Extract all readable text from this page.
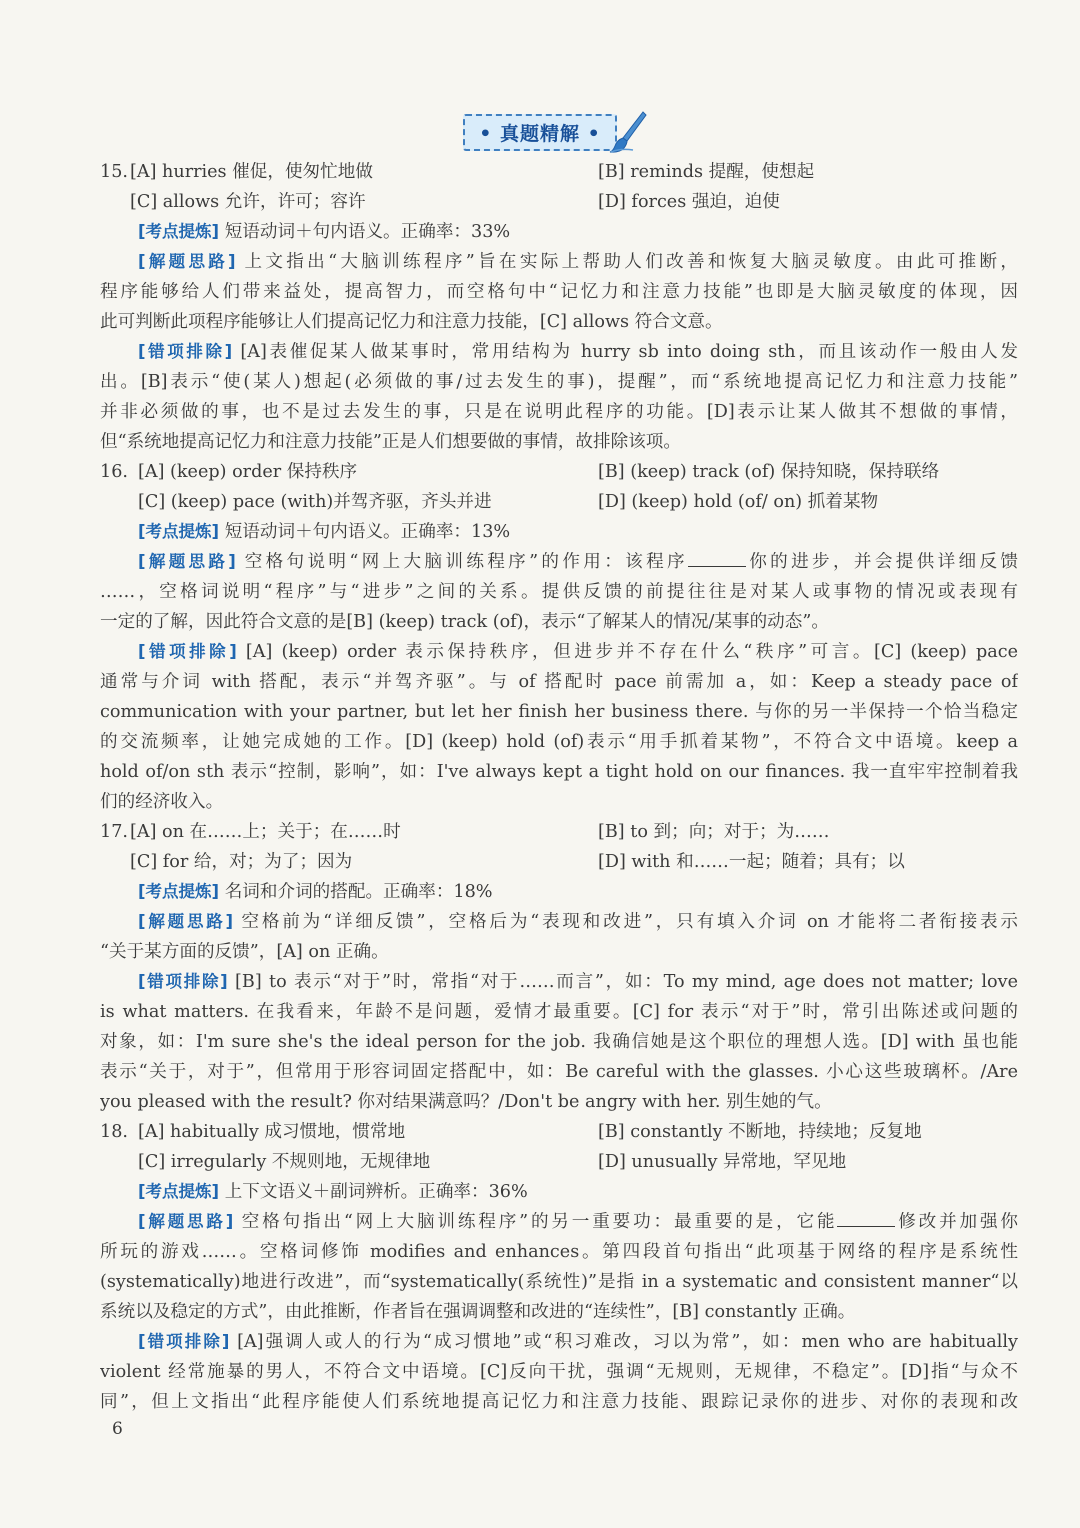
• 真题精解 •
15. [A] hurries 催促，使匆忙地做	[B] reminds 提醒，使想起
[C] allows 允许，许可；容许	[D] forces 强迫，迫使
[考点提炼] 短语动词＋句内语义。正确率：33%
[解题思路] 上文指出“大脑训练程序”旨在实际上帮助人们改善和恢复大脑灵敏度。由此可推断，
程序能够给人们带来益处，提高智力，而空格句中“记忆力和注意力技能”也即是大脑灵敏度的体现，因
此可判断此项程序能够让人们提高记忆力和注意力技能，[C] allows 符合文意。
[错项排除] [A]表催促某人做某事时，常用结构为 hurry sb into doing sth，而且该动作一般由人发
出。[B]表示“使(某人)想起(必须做的事/过去发生的事)，提醒”，而“系统地提高记忆力和注意力技能”
并非必须做的事，也不是过去发生的事，只是在说明此程序的功能。[D]表示让某人做其不想做的事情，
但“系统地提高记忆力和注意力技能”正是人们想要做的事情，故排除该项。
16. [A] (keep) order 保持秩序	[B] (keep) track (of) 保持知晓，保持联络
[C] (keep) pace (with)并驾齐驱，齐头并进	[D] (keep) hold (of/ on) 抓着某物
[考点提炼] 短语动词＋句内语义。正确率：13%
[解题思路] 空格句说明“网上大脑训练程序”的作用：该程序	你的进步，并会提供详细反馈
……，空格词说明“程序”与“进步”之间的关系。提供反馈的前提往往是对某人或事物的情况或表现有
一定的了解，因此符合文意的是[B] (keep) track (of)，表示“了解某人的情况/某事的动态”。
[错项排除] [A] (keep) order 表示保持秩序，但进步并不存在什么“秩序”可言。[C] (keep) pace
通常与介词 with 搭配，表示“并驾齐驱”。与 of 搭配时 pace 前需加 a，如：Keep a steady pace of
communication with your partner, but let her finish her business there. 与你的另一半保持一个恰当稳定
的交流频率，让她完成她的工作。[D] (keep) hold (of)表示“用手抓着某物”，不符合文中语境。keep a
hold of/on sth 表示“控制，影响”，如：I've always kept a tight hold on our finances. 我一直牢牢控制着我
们的经济收入。
17. [A] on 在……上；关于；在……时	[B] to 到；向；对于；为……
[C] for 给，对；为了；因为	[D] with 和……一起；随着；具有；以
[考点提炼] 名词和介词的搭配。正确率：18%
[解题思路] 空格前为“详细反馈”，空格后为“表现和改进”，只有填入介词 on 才能将二者衔接表示
“关于某方面的反馈”，[A] on 正确。
[错项排除] [B] to 表示“对于”时，常指“对于……而言”，如：To my mind, age does not matter; love
is what matters. 在我看来，年龄不是问题，爱情才最重要。[C] for 表示“对于”时，常引出陈述或问题的
对象，如：I'm sure she's the ideal person for the job. 我确信她是这个职位的理想人选。[D] with 虽也能
表示“关于，对于”，但常用于形容词固定搭配中，如：Be careful with the glasses. 小心这些玻璃杯。/Are
you pleased with the result? 你对结果满意吗？/Don't be angry with her. 别生她的气。
18. [A] habitually 成习惯地，惯常地	[B] constantly 不断地，持续地；反复地
[C] irregularly 不规则地，无规律地	[D] unusually 异常地，罕见地
[考点提炼] 上下文语义＋副词辨析。正确率：36%
[解题思路] 空格句指出“网上大脑训练程序”的另一重要功：最重要的是，它能	修改并加强你
所玩的游戏……。空格词修饰 modifies and enhances。第四段首句指出“此项基于网络的程序是系统性
(systematically)地进行改进”，而“systematically(系统性)”是指 in a systematic and consistent manner“以
系统以及稳定的方式”，由此推断，作者旨在强调调整和改进的“连续性”，[B] constantly 正确。
[错项排除] [A]强调人或人的行为“成习惯地”或“积习难改，习以为常”，如：men who are habitually
violent 经常施暴的男人，不符合文中语境。[C]反向干扰，强调“无规则，无规律，不稳定”。[D]指“与众不
同”，但上文指出“此程序能使人们系统地提高记忆力和注意力技能、跟踪记录你的进步、对你的表现和改
6
